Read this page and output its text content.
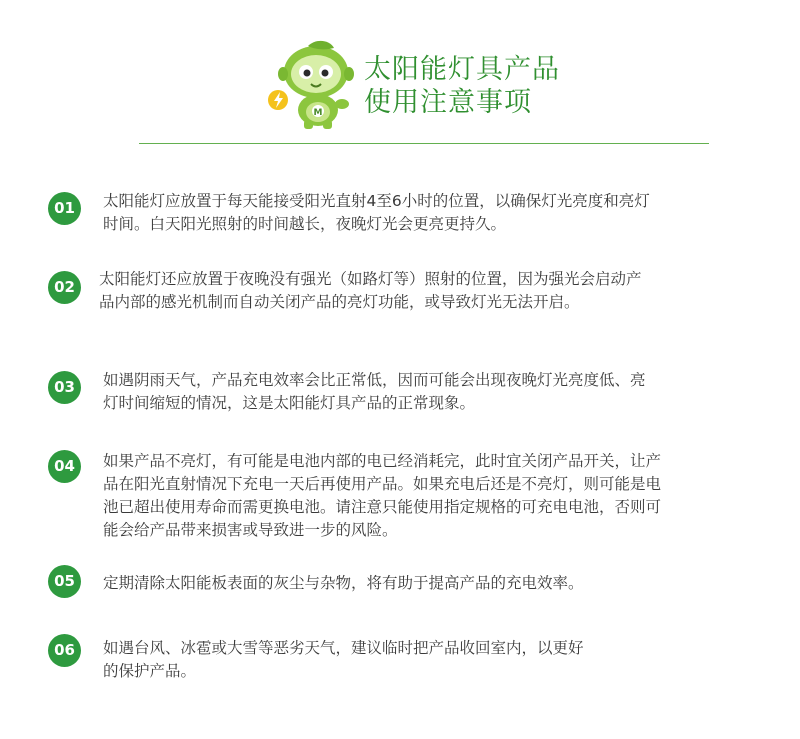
M
太阳能灯具产品
使用注意事项
01	太阳能灯应放置于每天能接受阳光直射4至6小时的位置，以确保灯光亮度和亮灯
时间。白天阳光照射的时间越长，夜晚灯光会更亮更持久。
02	太阳能灯还应放置于夜晚没有强光（如路灯等）照射的位置，因为强光会启动产
品内部的感光机制而自动关闭产品的亮灯功能，或导致灯光无法开启。
03	如遇阴雨天气，产品充电效率会比正常低，因而可能会出现夜晚灯光亮度低、亮
灯时间缩短的情况，这是太阳能灯具产品的正常现象。
04	如果产品不亮灯，有可能是电池内部的电已经消耗完，此时宜关闭产品开关，让产
品在阳光直射情况下充电一天后再使用产品。如果充电后还是不亮灯，则可能是电
池已超出使用寿命而需更换电池。请注意只能使用指定规格的可充电电池，否则可
能会给产品带来损害或导致进一步的风险。
05	定期清除太阳能板表面的灰尘与杂物，将有助于提高产品的充电效率。
06	如遇台风、冰雹或大雪等恶劣天气，建议临时把产品收回室内，以更好
的保护产品。
